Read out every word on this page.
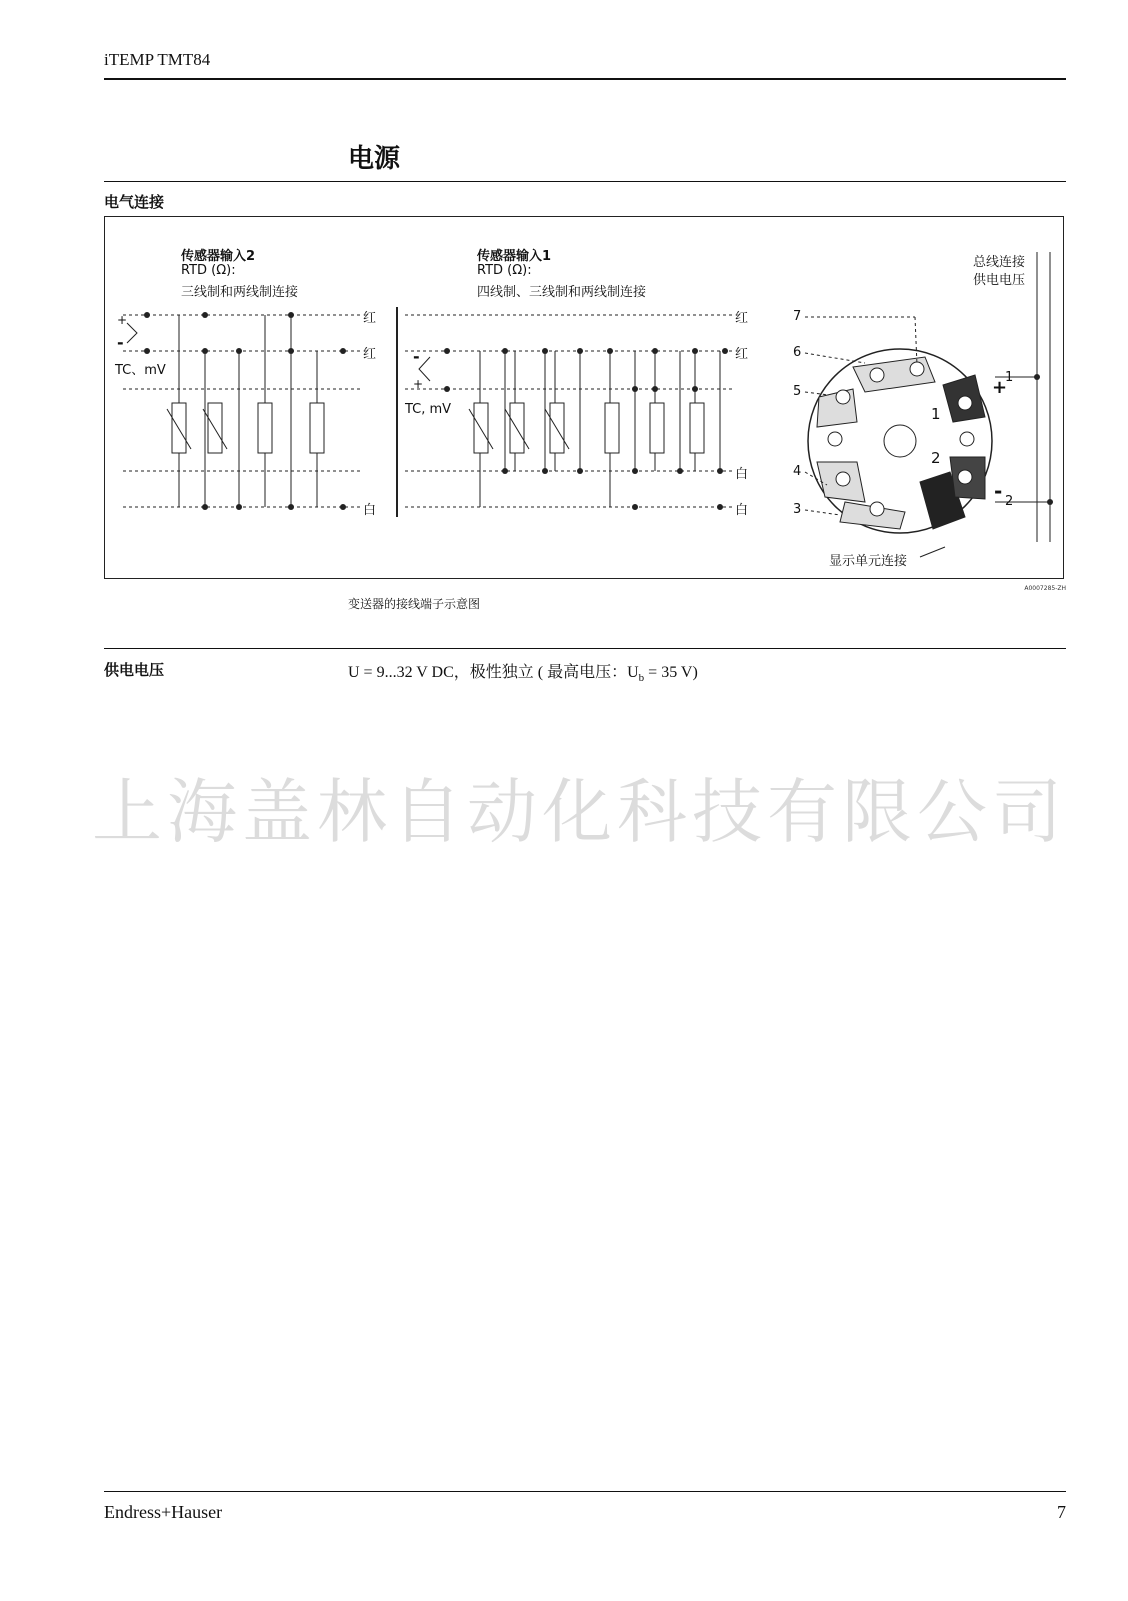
iTEMP TMT84
电源
电气连接
传感器输入2
RTD (Ω):
三线制和两线制连接
传感器输入1
RTD (Ω):
四线制、三线制和两线制连接
TC、mV
TC, mV
+
-
-
+
红
红
白
红
红
白
白
7
6
5
4
3
1
2
1
2
+
-
总线连接
供电电压
显示单元连接
A0007285-ZH
变送器的接线端子示意图
供电电压	U = 9...32 V DC，极性独立 ( 最高电压：$U_b = 35$ V)
上海盖林自动化科技有限公司
Endress+Hauser	7
